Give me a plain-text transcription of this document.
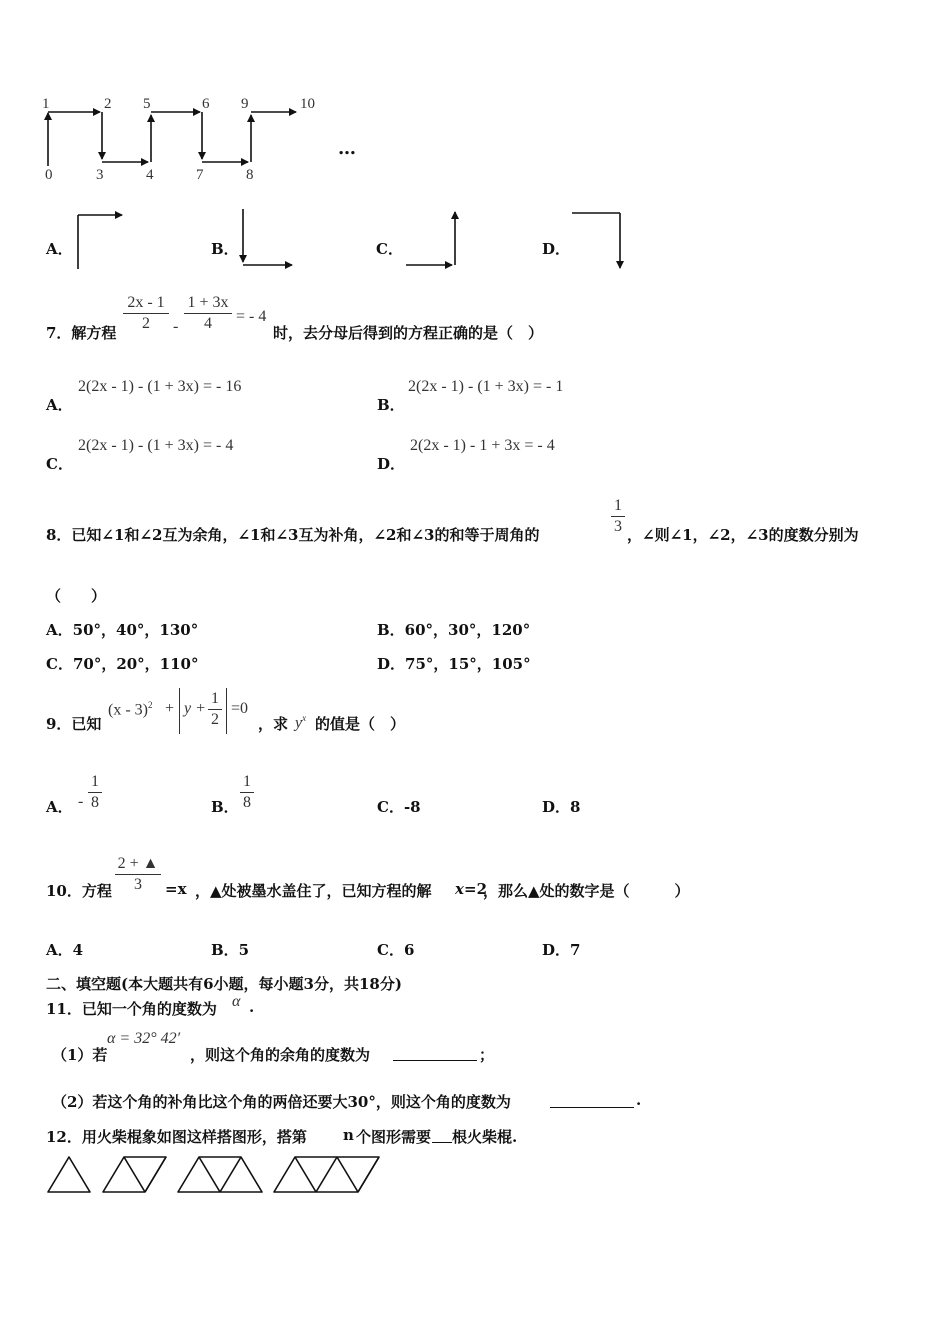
1	2 5	6 9	10
0	3	4	7	8
…
A．	B．	C．	D．
7．解方程
2x - 1
2	-
1 + 3x
4	= - 4
时，去分母后得到的方程正确的是（　）
A．
2(2x - 1) - (1 + 3x) = - 16
B．
2(2x - 1) - (1 + 3x) = - 1
C．
2(2x - 1) - (1 + 3x) = - 4
D．
2(2x - 1) - 1 + 3x = - 4
8．已知∠1和∠2互为余角，∠1和∠3互为补角，∠2和∠3的和等于周角的
1
3 ，∠则∠1，∠2，∠3的度数分别为
（　　）
A．50°，40°，130°	B．60°，30°，120°
C．70°，20°，110°	D．75°，15°，105°
9．已知
(x - 3)$^2$ + y +
1
2
=0
，求 $y^x$ 的值是（　）
A． -
1
8	B．
1
8	C．-8	D．8
10．方程
2 + ▲
3	=x ，▲处被墨水盖住了，已知方程的解 x =2
，那么▲处的数字是（　　　）
A．4	B．5	C．6	D．7
二、填空题(本大题共有6小题，每小题3分，共18分)
11．已知一个角的度数为 α .
（1）若
α = 32° 42′
，则这个角的余角的度数为	；
（2）若这个角的补角比这个角的两倍还要大30°，则这个角的度数为	.
12．用火柴棍象如图这样搭图形，搭第 n 个图形需要 根火柴棍.
